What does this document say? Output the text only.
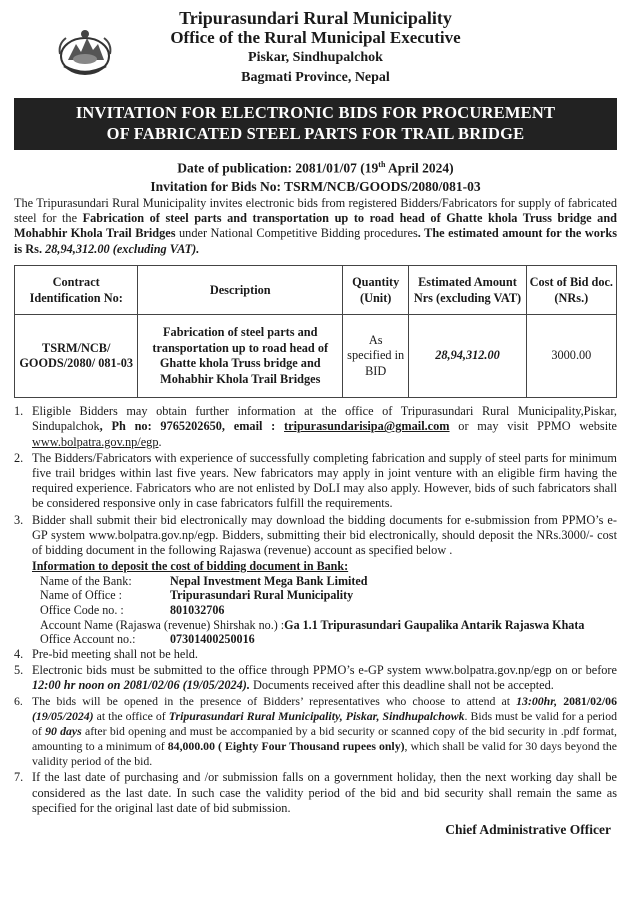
Tripurasundari Rural Municipality
Office of the Rural Municipal Executive
Piskar, Sindhupalchok
Bagmati Province, Nepal
INVITATION FOR ELECTRONIC BIDS FOR PROCUREMENT
OF FABRICATED STEEL PARTS FOR TRAIL BRIDGE
Date of publication: 2081/01/07 (19th April 2024)
Invitation for Bids No: TSRM/NCB/GOODS/2080/081-03

The Tripurasundari Rural Municipality invites electronic bids from registered Bidders/Fabricators for supply of fabricated steel for the Fabrication of steel parts and transportation up to road head of Ghatte khola Truss bridge and Mohabhir Khola Trail Bridges under National Competitive Bidding procedures. The estimated amount for the works is Rs. 28,94,312.00 (excluding VAT).

Contract Identification No:	Description	Quantity (Unit)	Estimated Amount Nrs (excluding VAT)	Cost of Bid doc. (NRs.)
TSRM/NCB/ GOODS/2080/ 081-03	Fabrication of steel parts and transportation up to road head of Ghatte khola Truss bridge and Mohabhir Khola Trail Bridges	As specified in BID	28,94,312.00	3000.00
1. Eligible Bidders may obtain further information at the office of Tripurasundari Rural Municipality,Piskar, Sindupalchok, Ph no: 9765202650, email : tripurasundarisipa@gmail.com or may visit PPMO website www.bolpatra.gov.np/egp.
2. The Bidders/Fabricators with experience of successfully completing fabrication and supply of steel parts for minimum five trail bridges within last five years. New fabricators may apply in joint venture with an eligible firm having the required experience. Fabricators who are not enlisted by DoLI may also apply. However, bids of such fabricators shall be considered responsive only in case fabricators fulfill the requirements.
3. Bidder shall submit their bid electronically may download the bidding documents for e-submission from PPMO’s e-GP system www.bolpatra.gov.np/egp. Bidders, submitting their bid electronically, should deposit the NRs.3000/- cost of bidding document in the following Rajaswa (revenue) account as specified below .
Information to deposit the cost of bidding document in Bank:
Name of the Bank:	Nepal Investment Mega Bank Limited
Name of Office :	Tripurasundari Rural Municipality
Office Code no. :	801032706
Account Name (Rajaswa (revenue) Shirshak no.) : Ga 1.1 Tripurasundari Gaupalika Antarik Rajaswa Khata
Office Account no.:	07301400250016
4. Pre-bid meeting shall not be held.
5. Electronic bids must be submitted to the office through PPMO’s e-GP system www.bolpatra.gov.np/egp on or before 12:00 hr noon on 2081/02/06 (19/05/2024). Documents received after this deadline shall not be accepted.
6. The bids will be opened in the presence of Bidders’ representatives who choose to attend at 13:00hr, 2081/02/06 (19/05/2024) at the office of Tripurasundari Rural Municipality, Piskar, Sindhupalchowk. Bids must be valid for a period of 90 days after bid opening and must be accompanied by a bid security or scanned copy of the bid security in .pdf format, amounting to a minimum of 84,000.00 ( Eighty Four Thousand rupees only), which shall be valid for 30 days beyond the validity period of the bid.
7. If the last date of purchasing and /or submission falls on a government holiday, then the next working day shall be considered as the last date. In such case the validity period of the bid and bid security shall remain the same as specified for the original last date of bid submission.
Chief Administrative Officer
